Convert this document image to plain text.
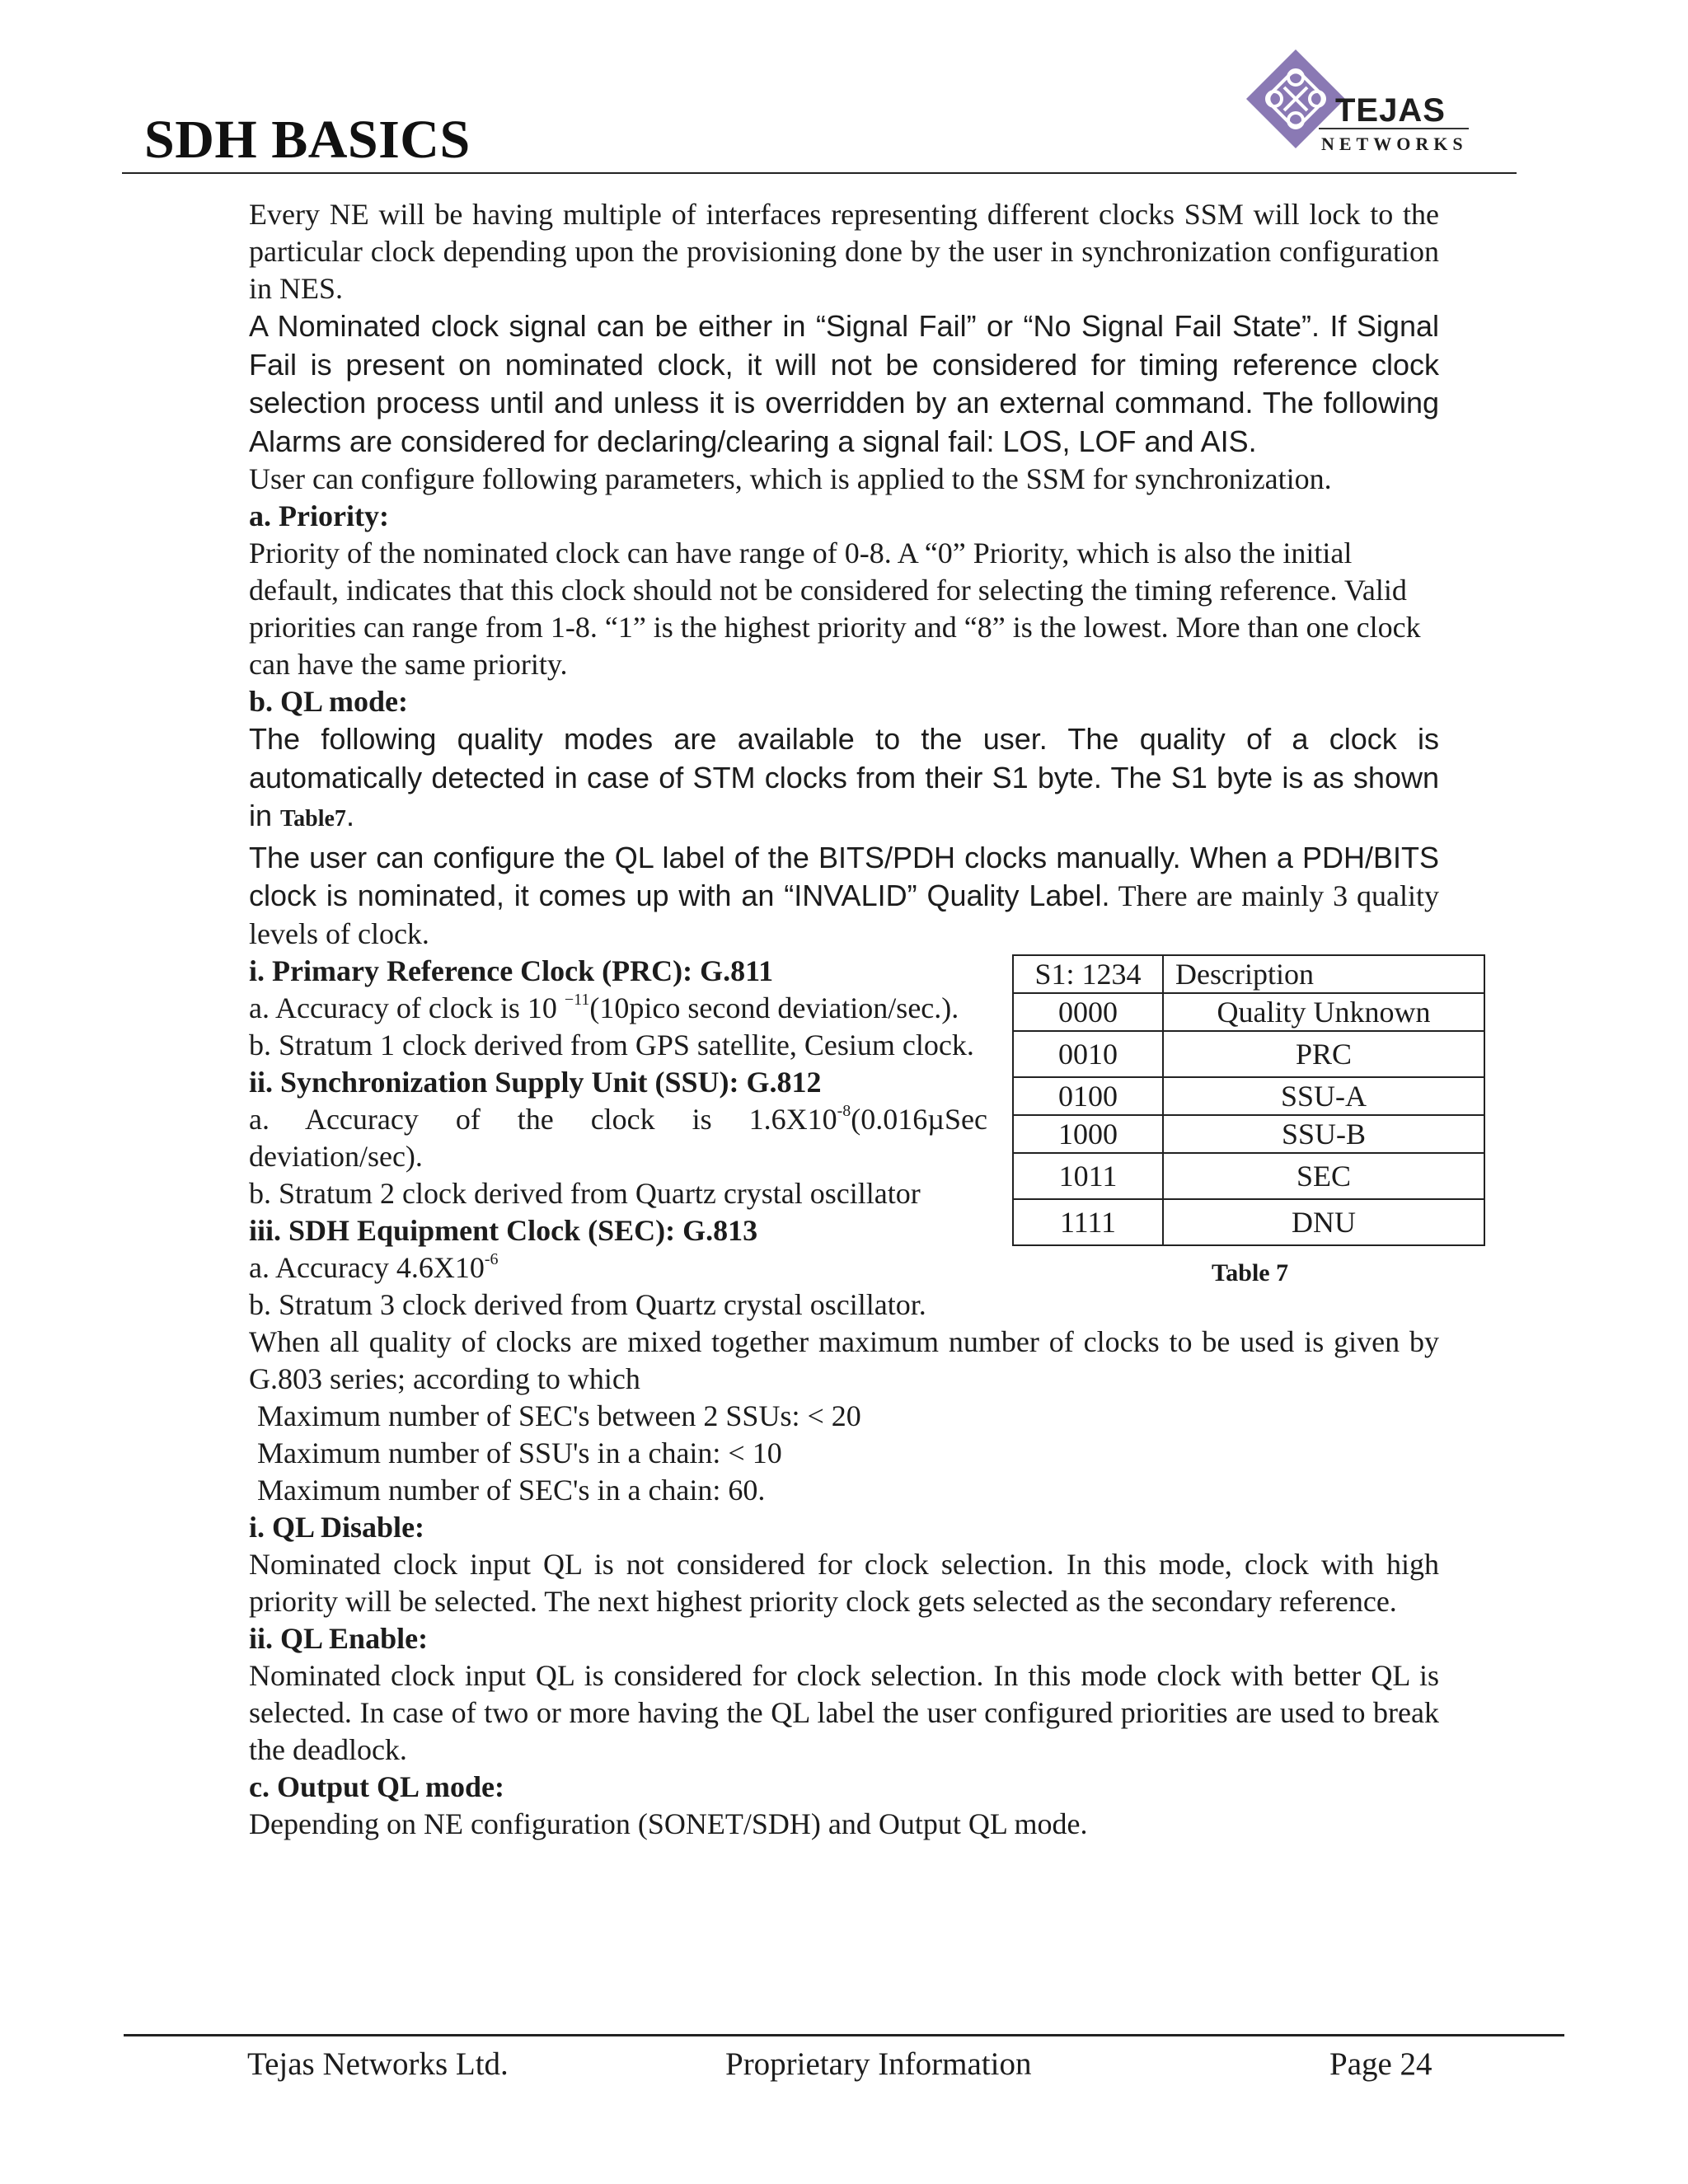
SDH BASICS	TEJAS
NETWORKS

Every NE will be having multiple of interfaces representing different clocks SSM will lock to the particular clock depending upon the provisioning done by the user in synchronization configuration in NES.

A Nominated clock signal can be either in “Signal Fail” or “No Signal Fail State”. If Signal Fail is present on nominated clock, it will not be considered for timing reference clock selection process until and unless it is overridden by an external command. The following Alarms are considered for declaring/clearing a signal fail: LOS, LOF and AIS.

User can configure following parameters, which is applied to the SSM for synchronization.

a. Priority:

Priority of the nominated clock can have range of 0-8. A “0” Priority, which is also the initial default, indicates that this clock should not be considered for selecting the timing reference. Valid priorities can range from 1-8. “1” is the highest priority and “8” is the lowest. More than one clock can have the same priority.

b. QL mode:

The following quality modes are available to the user. The quality of a clock is automatically detected in case of STM clocks from their S1 byte. The S1 byte is as shown in Table7.

The user can configure the QL label of the BITS/PDH clocks manually. When a PDH/BITS clock is nominated, it comes up with an “INVALID” Quality Label. There are mainly 3 quality levels of clock.

i. Primary Reference Clock (PRC): G.811

a. Accuracy of clock is 10 $^{-11}$(10pico second deviation/sec.).

b. Stratum 1 clock derived from GPS satellite, Cesium clock.

ii. Synchronization Supply Unit (SSU): G.812

a. Accuracy of the clock is $1.6X10^{-8}(0.016\mu Sec$ deviation/sec).

b. Stratum 2 clock derived from Quartz crystal oscillator

iii. SDH Equipment Clock (SEC): G.813

a. Accuracy $4.6X10^{-6}$

b. Stratum 3 clock derived from Quartz crystal oscillator.

When all quality of clocks are mixed together maximum number of clocks to be used is given by G.803 series; according to which

Maximum number of SEC's between 2 SSUs: < 20

Maximum number of SSU's in a chain: < 10

Maximum number of SEC's in a chain: 60.

i. QL Disable:

Nominated clock input QL is not considered for clock selection. In this mode, clock with high priority will be selected. The next highest priority clock gets selected as the secondary reference.

ii. QL Enable:

Nominated clock input QL is considered for clock selection. In this mode clock with better QL is selected. In case of two or more having the QL label the user configured priorities are used to break the deadlock.

c. Output QL mode:

Depending on NE configuration (SONET/SDH) and Output QL mode.

S1: 1234	Description
0000	Quality Unknown
0010	PRC
0100	SSU-A
1000	SSU-B
1011	SEC
1111	DNU
Table 7
Tejas Networks Ltd.	Proprietary Information	Page 24
